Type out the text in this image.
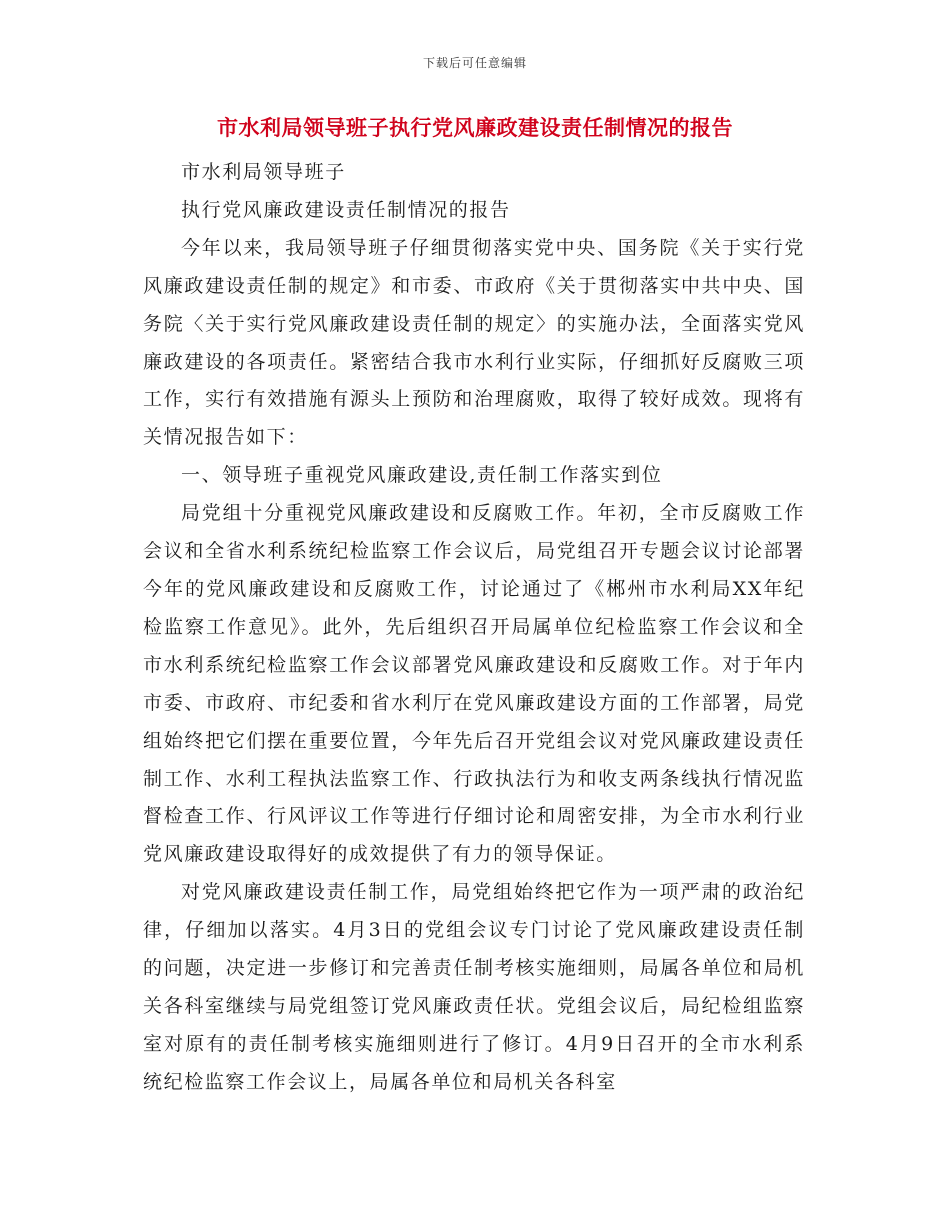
下载后可任意编辑
市水利局领导班子执行党风廉政建设责任制情况的报告

市水利局领导班子

执行党风廉政建设责任制情况的报告

今年以来，我局领导班子仔细贯彻落实党中央、国务院《关于实行党风廉政建设责任制的规定》和市委、市政府《关于贯彻落实中共中央、国务院〈关于实行党风廉政建设责任制的规定〉的实施办法，全面落实党风廉政建设的各项责任。紧密结合我市水利行业实际，仔细抓好反腐败三项工作，实行有效措施有源头上预防和治理腐败，取得了较好成效。现将有关情况报告如下：

一、领导班子重视党风廉政建设,责任制工作落实到位

局党组十分重视党风廉政建设和反腐败工作。年初，全市反腐败工作会议和全省水利系统纪检监察工作会议后，局党组召开专题会议讨论部署今年的党风廉政建设和反腐败工作，讨论通过了《郴州市水利局XX年纪检监察工作意见》。此外，先后组织召开局属单位纪检监察工作会议和全市水利系统纪检监察工作会议部署党风廉政建设和反腐败工作。对于年内市委、市政府、市纪委和省水利厅在党风廉政建设方面的工作部署，局党组始终把它们摆在重要位置，今年先后召开党组会议对党风廉政建设责任制工作、水利工程执法监察工作、行政执法行为和收支两条线执行情况监督检查工作、行风评议工作等进行仔细讨论和周密安排，为全市水利行业党风廉政建设取得好的成效提供了有力的领导保证。

对党风廉政建设责任制工作，局党组始终把它作为一项严肃的政治纪律，仔细加以落实。4月3日的党组会议专门讨论了党风廉政建设责任制的问题，决定进一步修订和完善责任制考核实施细则，局属各单位和局机关各科室继续与局党组签订党风廉政责任状。党组会议后，局纪检组监察室对原有的责任制考核实施细则进行了修订。4月9日召开的全市水利系统纪检监察工作会议上，局属各单位和局机关各科室
